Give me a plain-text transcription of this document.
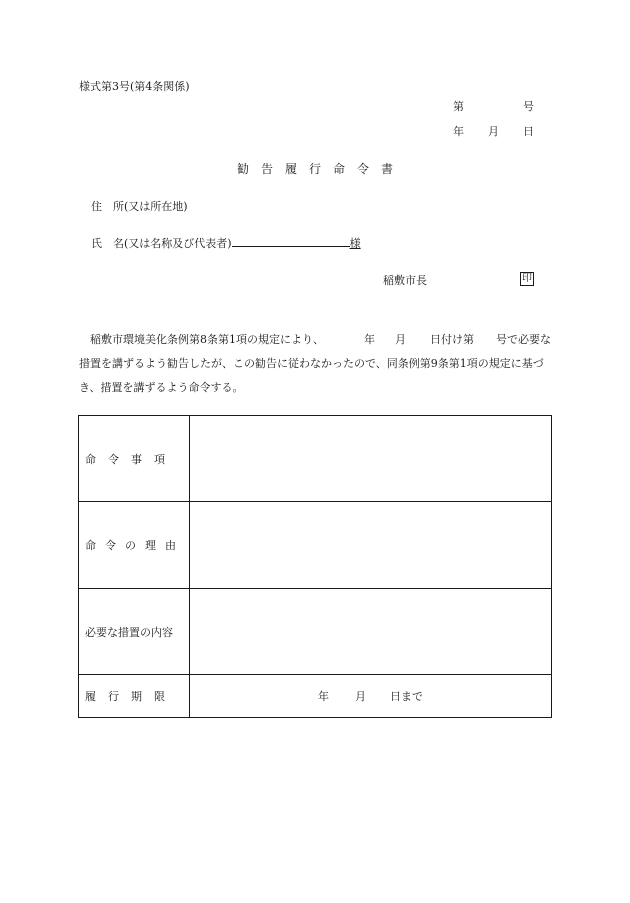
様式第3号(第4条関係)
第	号
年 月 日
勧告履行命令書
住　所(又は所在地)
氏　名(又は名称及び代表者)	様
稲敷市長	印
稲敷市環境美化条例第8条第1項の規定により、	年 月 日付け第 号で必要な措置を講ずるよう勧告したが、この勧告に従わなかったので、同条例第9条第1項の規定に基づき、措置を講ずるよう命令する。
命令事項	
命令の理由	
必要な措置の内容	
履行期限	年 月 日まで
